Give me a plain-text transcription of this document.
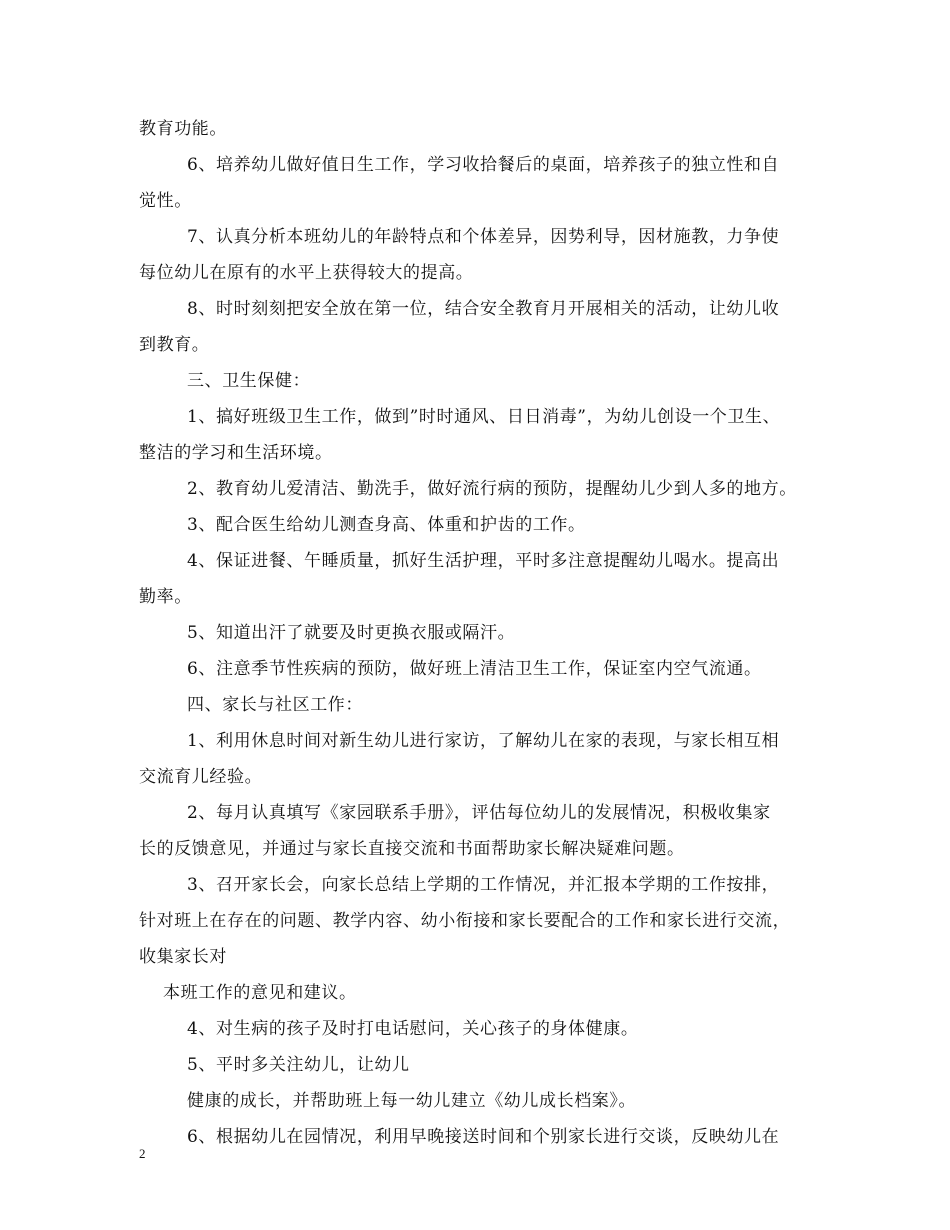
教育功能。
6、培养幼儿做好值日生工作，学习收拾餐后的桌面，培养孩子的独立性和自
觉性。
7、认真分析本班幼儿的年龄特点和个体差异，因势利导，因材施教，力争使
每位幼儿在原有的水平上获得较大的提高。
8、时时刻刻把安全放在第一位，结合安全教育月开展相关的活动，让幼儿收
到教育。
三、卫生保健：
1、搞好班级卫生工作，做到”时时通风、日日消毒”，为幼儿创设一个卫生、
整洁的学习和生活环境。
2、教育幼儿爱清洁、勤洗手，做好流行病的预防，提醒幼儿少到人多的地方。
3、配合医生给幼儿测查身高、体重和护齿的工作。
4、保证进餐、午睡质量，抓好生活护理，平时多注意提醒幼儿喝水。提高出
勤率。
5、知道出汗了就要及时更换衣服或隔汗。
6、注意季节性疾病的预防，做好班上清洁卫生工作，保证室内空气流通。
四、家长与社区工作：
1、利用休息时间对新生幼儿进行家访，了解幼儿在家的表现，与家长相互相
交流育儿经验。
2、每月认真填写《家园联系手册》，评估每位幼儿的发展情况，积极收集家
长的反馈意见，并通过与家长直接交流和书面帮助家长解决疑难问题。
3、召开家长会，向家长总结上学期的工作情况，并汇报本学期的工作按排，
针对班上在存在的问题、教学内容、幼小衔接和家长要配合的工作和家长进行交流，
收集家长对
本班工作的意见和建议。
4、对生病的孩子及时打电话慰问，关心孩子的身体健康。
5、平时多关注幼儿，让幼儿
健康的成长，并帮助班上每一幼儿建立《幼儿成长档案》。
6、根据幼儿在园情况，利用早晚接送时间和个别家长进行交谈，反映幼儿在
2
